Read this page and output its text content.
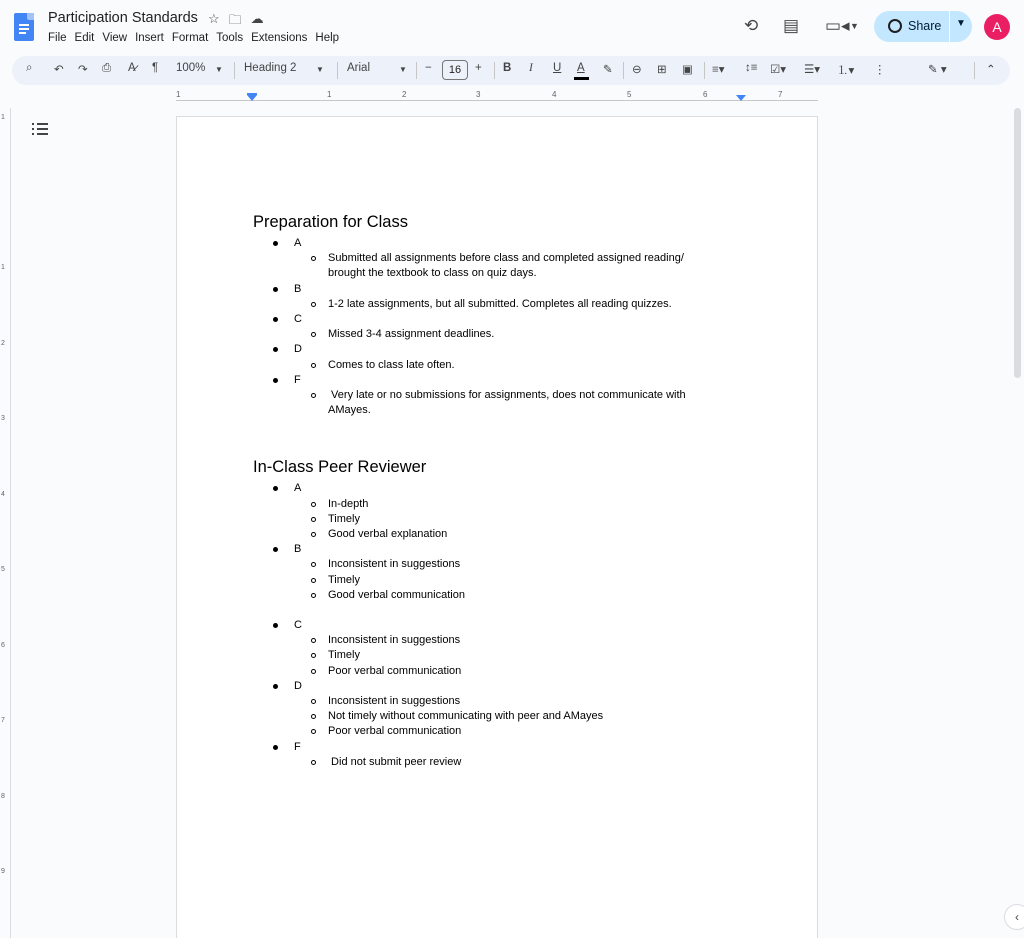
Participation Standards ☆ 🗀 ☁
File Edit View Insert Format Tools Extensions Help
⟲ ▤ ▭◂ ▼	Share ▼	A
⌕ ↶ ↷ ⎙ A̷ ¶ 100% ▼ Heading 2 ▼ Arial	▼ −	16	+ B I U A ✎ ⊖ ⊞ ▣ ≡▾ ↕≡ ☑▾ ☰▾ ⒈▾ ⋮	✎ ▾	⌃
1	1	2	3	4	5	6	7
1
1
2
3
4
5
6
7
8
9
Preparation for Class
A
Submitted all assignments before class and completed assigned reading/
brought the textbook to class on quiz days.
B
1-2 late assignments, but all submitted. Completes all reading quizzes.
C
Missed 3-4 assignment deadlines.
D
Comes to class late often.
F
Very late or no submissions for assignments, does not communicate with
AMayes.
In-Class Peer Reviewer
A
In-depth
Timely
Good verbal explanation
B
Inconsistent in suggestions
Timely
Good verbal communication
C
Inconsistent in suggestions
Timely
Poor verbal communication
D
Inconsistent in suggestions
Not timely without communicating with peer and AMayes
Poor verbal communication
F
Did not submit peer review
‹
